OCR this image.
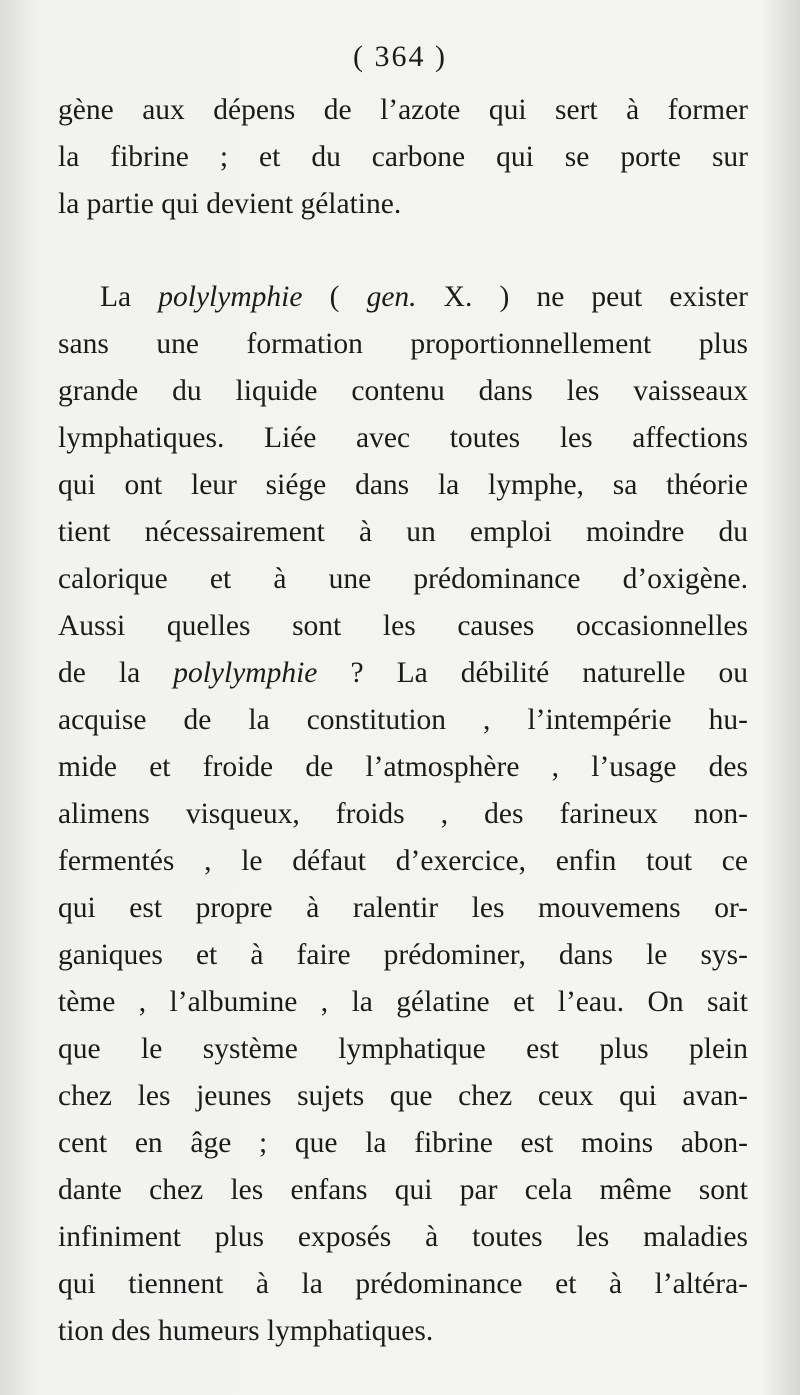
( 364 )
gène aux dépens de l’azote qui sert à former
la fibrine ; et du carbone qui se porte sur
la partie qui devient gélatine.
La polylymphie ( gen. X. ) ne peut exister
sans une formation proportionnellement plus
grande du liquide contenu dans les vaisseaux
lymphatiques. Liée avec toutes les affections
qui ont leur siége dans la lymphe, sa théorie
tient nécessairement à un emploi moindre du
calorique et à une prédominance d’oxigène.
Aussi quelles sont les causes occasionnelles
de la polylymphie ? La débilité naturelle ou
acquise de la constitution , l’intempérie hu-
mide et froide de l’atmosphère , l’usage des
alimens visqueux, froids , des farineux non-
fermentés , le défaut d’exercice, enfin tout ce
qui est propre à ralentir les mouvemens or-
ganiques et à faire prédominer, dans le sys-
tème , l’albumine , la gélatine et l’eau. On sait
que le système lymphatique est plus plein
chez les jeunes sujets que chez ceux qui avan-
cent en âge ; que la fibrine est moins abon-
dante chez les enfans qui par cela même sont
infiniment plus exposés à toutes les maladies
qui tiennent à la prédominance et à l’altéra-
tion des humeurs lymphatiques.
